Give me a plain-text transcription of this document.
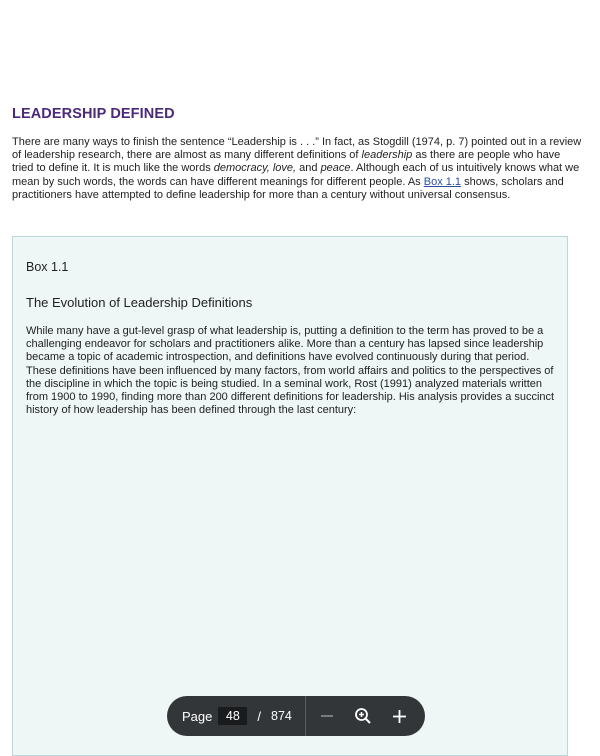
LEADERSHIP DEFINED
There are many ways to finish the sentence “Leadership is . . .” In fact, as Stogdill (1974, p. 7) pointed out in a review of leadership research, there are almost as many different definitions of leadership as there are people who have tried to define it. It is much like the words democracy, love, and peace. Although each of us intuitively knows what we mean by such words, the words can have different meanings for different people. As Box 1.1 shows, scholars and practitioners have attempted to define leadership for more than a century without universal consensus.
Box 1.1
The Evolution of Leadership Definitions
While many have a gut-level grasp of what leadership is, putting a definition to the term has proved to be a challenging endeavor for scholars and practitioners alike. More than a century has lapsed since leadership became a topic of academic introspection, and definitions have evolved continuously during that period. These definitions have been influenced by many factors, from world affairs and politics to the perspectives of the discipline in which the topic is being studied. In a seminal work, Rost (1991) analyzed materials written from 1900 to 1990, finding more than 200 different definitions for leadership. His analysis provides a succinct history of how leadership has been defined through the last century:
Page
48	/ 874
